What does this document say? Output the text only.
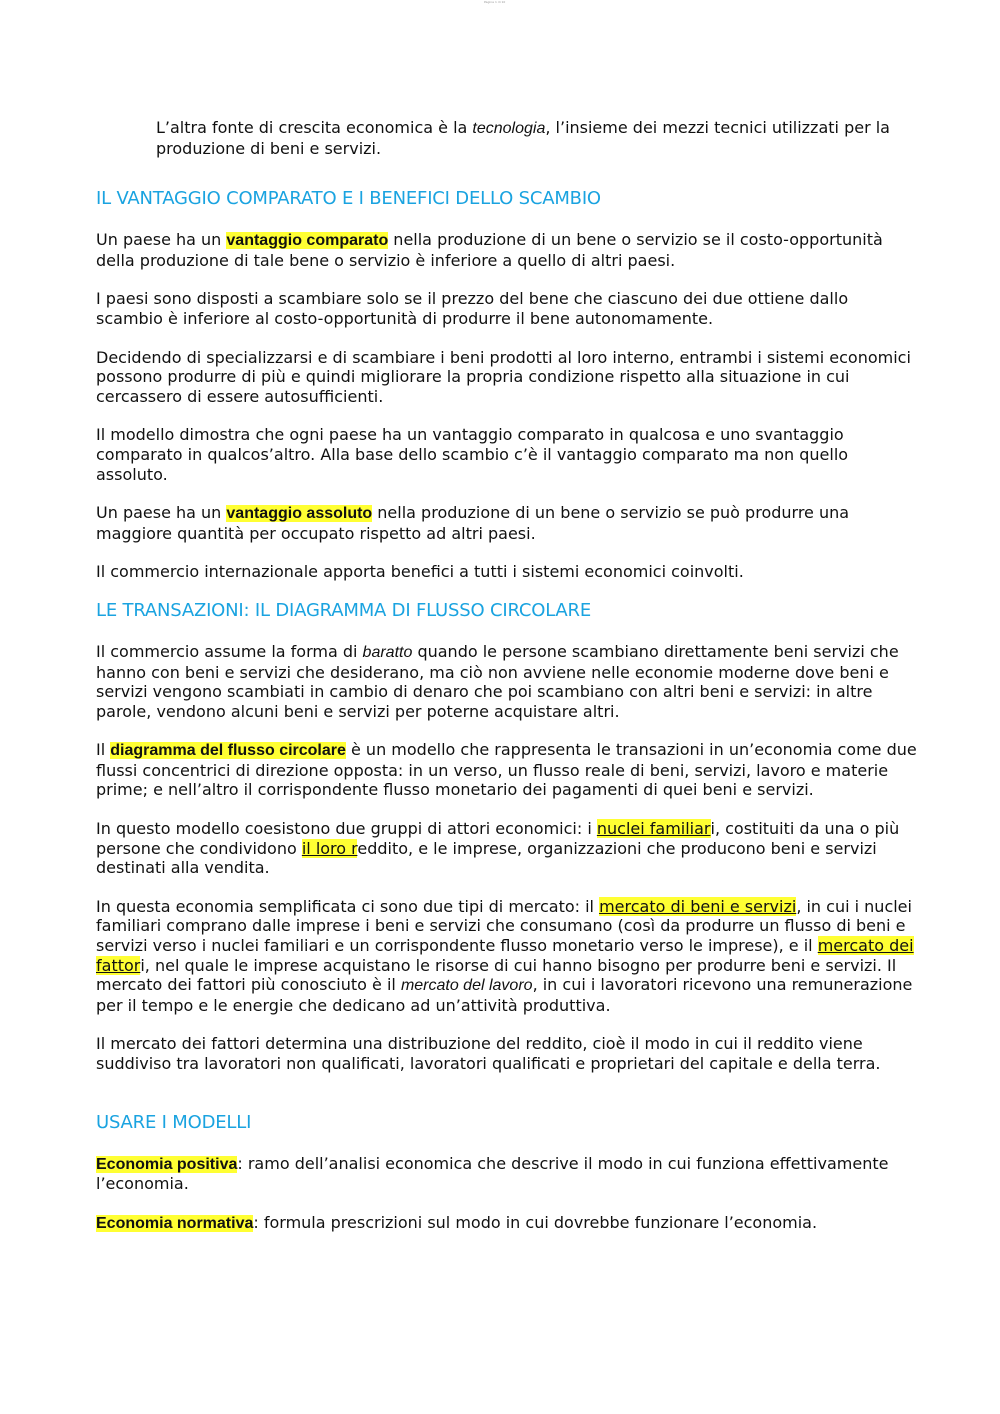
Pagina 1 di 10

L’altra fonte di crescita economica è la tecnologia, l’insieme dei mezzi tecnici utilizzati per la produzione di beni e servizi.

IL VANTAGGIO COMPARATO E I BENEFICI DELLO SCAMBIO

Un paese ha un vantaggio comparato nella produzione di un bene o servizio se il costo-opportunità della produzione di tale bene o servizio è inferiore a quello di altri paesi.

I paesi sono disposti a scambiare solo se il prezzo del bene che ciascuno dei due ottiene dallo scambio è inferiore al costo-opportunità di produrre il bene autonomamente.

Decidendo di specializzarsi e di scambiare i beni prodotti al loro interno, entrambi i sistemi economici possono produrre di più e quindi migliorare la propria condizione rispetto alla situazione in cui cercassero di essere autosufficienti.

Il modello dimostra che ogni paese ha un vantaggio comparato in qualcosa e uno svantaggio comparato in qualcos’altro. Alla base dello scambio c’è il vantaggio comparato ma non quello assoluto.

Un paese ha un vantaggio assoluto nella produzione di un bene o servizio se può produrre una maggiore quantità per occupato rispetto ad altri paesi.

Il commercio internazionale apporta benefici a tutti i sistemi economici coinvolti.

LE TRANSAZIONI: IL DIAGRAMMA DI FLUSSO CIRCOLARE

Il commercio assume la forma di baratto quando le persone scambiano direttamente beni servizi che hanno con beni e servizi che desiderano, ma ciò non avviene nelle economie moderne dove beni e servizi vengono scambiati in cambio di denaro che poi scambiano con altri beni e servizi: in altre parole, vendono alcuni beni e servizi per poterne acquistare altri.

Il diagramma del flusso circolare è un modello che rappresenta le transazioni in un’economia come due flussi concentrici di direzione opposta: in un verso, un flusso reale di beni, servizi, lavoro e materie prime; e nell’altro il corrispondente flusso monetario dei pagamenti di quei beni e servizi.

In questo modello coesistono due gruppi di attori economici: i nuclei familiari, costituiti da una o più persone che condividono il loro reddito, e le imprese, organizzazioni che producono beni e servizi destinati alla vendita.

In questa economia semplificata ci sono due tipi di mercato: il mercato di beni e servizi, in cui i nuclei familiari comprano dalle imprese i beni e servizi che consumano (così da produrre un flusso di beni e servizi verso i nuclei familiari e un corrispondente flusso monetario verso le imprese), e il mercato dei fattori, nel quale le imprese acquistano le risorse di cui hanno bisogno per produrre beni e servizi. Il mercato dei fattori più conosciuto è il mercato del lavoro, in cui i lavoratori ricevono una remunerazione per il tempo e le energie che dedicano ad un’attività produttiva.

Il mercato dei fattori determina una distribuzione del reddito, cioè il modo in cui il reddito viene suddiviso tra lavoratori non qualificati, lavoratori qualificati e proprietari del capitale e della terra.

USARE I MODELLI

Economia positiva: ramo dell’analisi economica che descrive il modo in cui funziona effettivamente l’economia.

Economia normativa: formula prescrizioni sul modo in cui dovrebbe funzionare l’economia.
